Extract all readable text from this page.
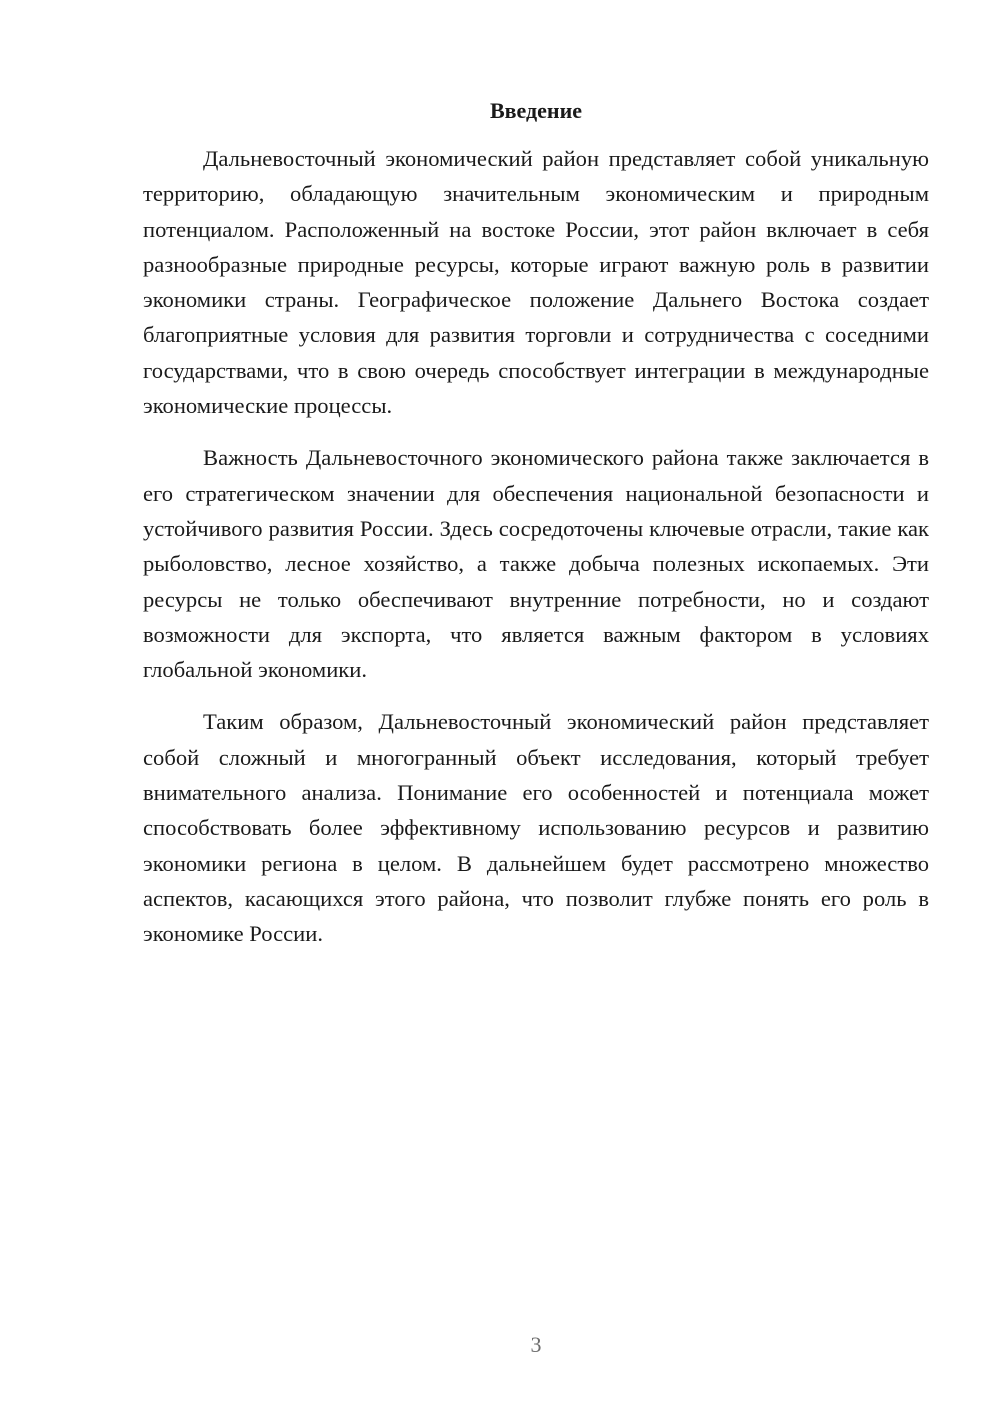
Введение

Дальневосточный экономический район представляет собой уникальную территорию, обладающую значительным экономическим и природным потенциалом. Расположенный на востоке России, этот район включает в себя разнообразные природные ресурсы, которые играют важную роль в развитии экономики страны. Географическое положение Дальнего Востока создает благоприятные условия для развития торговли и сотрудничества с соседними государствами, что в свою очередь способствует интеграции в международные экономические процессы.

Важность Дальневосточного экономического района также заключается в его стратегическом значении для обеспечения национальной безопасности и устойчивого развития России. Здесь сосредоточены ключевые отрасли, такие как рыболовство, лесное хозяйство, а также добыча полезных ископаемых. Эти ресурсы не только обеспечивают внутренние потребности, но и создают возможности для экспорта, что является важным фактором в условиях глобальной экономики.

Таким образом, Дальневосточный экономический район представляет собой сложный и многогранный объект исследования, который требует внимательного анализа. Понимание его особенностей и потенциала может способствовать более эффективному использованию ресурсов и развитию экономики региона в целом. В дальнейшем будет рассмотрено множество аспектов, касающихся этого района, что позволит глубже понять его роль в экономике России.

3
